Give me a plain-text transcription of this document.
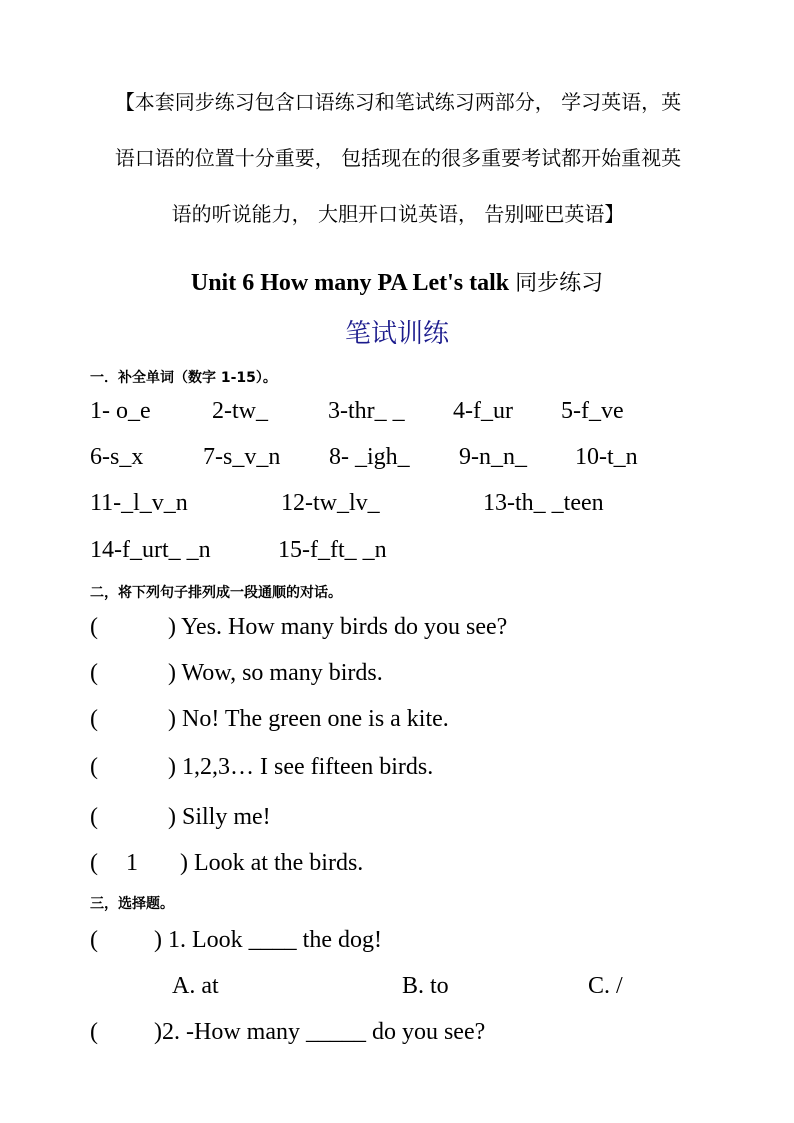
【本套同步练习包含口语练习和笔试练习两部分， 学习英语，英
语口语的位置十分重要， 包括现在的很多重要考试都开始重视英
语的听说能力， 大胆开口说英语， 告别哑巴英语】
Unit 6 How many PA Let's talk 同步练习
笔试训练
一．补全单词（数字 1-15）。
1- o_e	2-tw_	3-thr_ _ 4-f_ur 5-f_ve
6-s_x 7-s_v_n 8- _igh_ 9-n_n_ 10-t_n
11-_l_v_n	12-tw_lv_	13-th_ _teen
14-f_urt_ _n	15-f_ft_ _n
二，将下列句子排列成一段通顺的对话。
(	) Yes. How many birds do you see?
(	) Wow, so many birds.
(	) No! The green one is a kite.
(	) 1,2,3… I see fifteen birds.
(	) Silly me!
( 1 ) Look at the birds.
三，选择题。
( ) 1. Look ____ the dog!
A. at	B. to	C. /
( )2. -How many _____ do you see?
